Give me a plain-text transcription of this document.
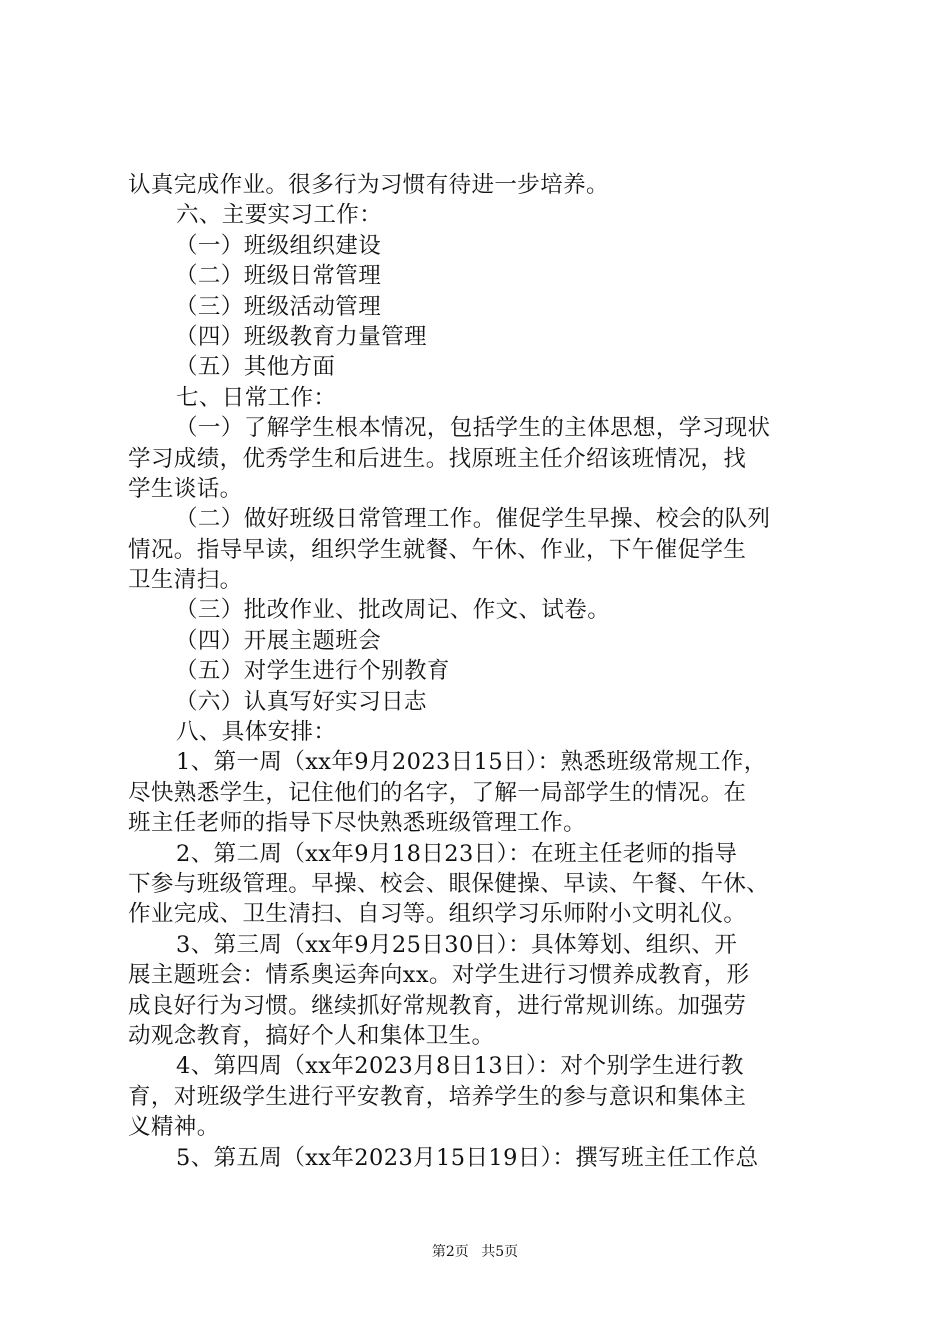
认真完成作业。很多行为习惯有待进一步培养。
六、主要实习工作：
（一）班级组织建设
（二）班级日常管理
（三）班级活动管理
（四）班级教育力量管理
（五）其他方面
七、日常工作：
（一）了解学生根本情况，包括学生的主体思想，学习现状
学习成绩，优秀学生和后进生。找原班主任介绍该班情况，找
学生谈话。
（二）做好班级日常管理工作。催促学生早操、校会的队列
情况。指导早读，组织学生就餐、午休、作业，下午催促学生
卫生清扫。
（三）批改作业、批改周记、作文、试卷。
（四）开展主题班会
（五）对学生进行个别教育
（六）认真写好实习日志
八、具体安排：
1、第一周（xx年9月2023日15日）：熟悉班级常规工作，
尽快熟悉学生，记住他们的名字，了解一局部学生的情况。在
班主任老师的指导下尽快熟悉班级管理工作。
2、第二周（xx年9月18日23日）：在班主任老师的指导
下参与班级管理。早操、校会、眼保健操、早读、午餐、午休、
作业完成、卫生清扫、自习等。组织学习乐师附小文明礼仪。
3、第三周（xx年9月25日30日）：具体筹划、组织、开
展主题班会：情系奥运奔向xx。对学生进行习惯养成教育，形
成良好行为习惯。继续抓好常规教育，进行常规训练。加强劳
动观念教育，搞好个人和集体卫生。
4、第四周（xx年2023月8日13日）：对个别学生进行教
育，对班级学生进行平安教育，培养学生的参与意识和集体主
义精神。
5、第五周（xx年2023月15日19日）：撰写班主任工作总
第2页 共5页
